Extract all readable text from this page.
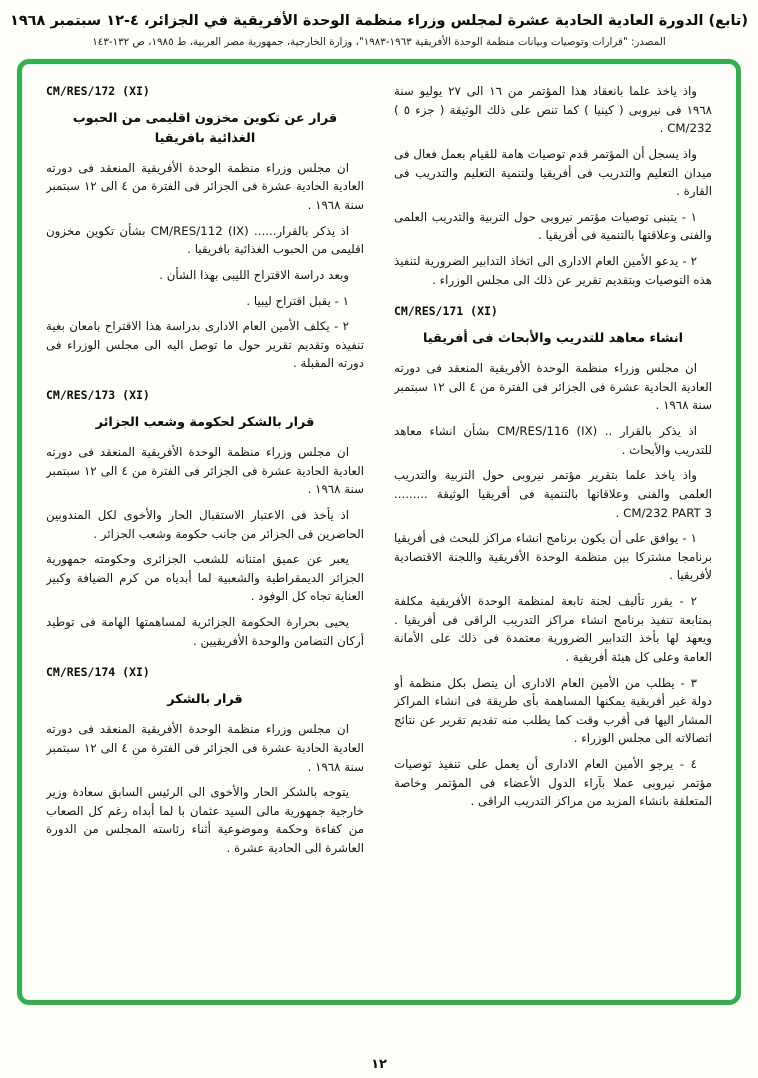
(تابع) الدورة العادية الحادية عشرة لمجلس وزراء منظمة الوحدة الأفريقية في الجزائر، ٤-١٢ سبتمبر ١٩٦٨
المصدر: "قرارات وتوصيات وبيانات منظمة الوحدة الأفريقية ١٩٦٣-١٩٨٣"، وزارة الخارجية، جمهورية مصر العربية، ط ١٩٨٥، ص ١٣٢-١٤٣
واذ ياخذ علما بانعقاد هذا المؤتمر من ١٦ الى ٢٧ يوليو سنة ١٩٦٨ فى نيروبى ( كينيا ) كما تنص على ذلك الوثيقة ( جزء ٥ ) CM/232 .
واذ يسجل أن المؤتمر قدم توصيات هامة للقيام بعمل فعال فى ميدان التعليم والتدريب فى أفريقيا ولتنمية التعليم والتدريب فى القارة .
١ - يتبنى توصيات مؤتمر نيروبى حول التربية والتدريب العلمى والفنى وعلاقتها بالتنمية فى أفريقيا .
٢ - يدعو الأمين العام الادارى الى اتخاذ التدابير الضرورية لتنفيذ هذه التوصيات وبتقديم تقرير عن ذلك الى مجلس الوزراء .
CM/RES/171 (XI)
انشاء معاهد للتدريب والأبحاث فى أفريقيا
ان مجلس وزراء منظمة الوحدة الأفريقية المنعقد فى دورته العادية الحادية عشرة فى الجزائر فى الفترة من ٤ الى ١٢ سبتمبر سنة ١٩٦٨ .
اذ يذكر بالقرار .. CM/RES/116 (IX) بشأن انشاء معاهد للتدريب والأبحاث .
واذ ياخذ علما بتقرير مؤتمر نيروبى حول التربية والتدريب العلمى والفنى وعلاقاتها بالتنمية فى أفريقيا الوثيقة ......... CM/232 PART 3 .
١ - يوافق على أن يكون برنامج انشاء مراكز للبحث فى أفريقيا برنامجا مشتركا بين منظمة الوحدة الأفريقية واللجنة الاقتصادية لأفريقيا .
٢ - يقرر تأليف لجنة تابعة لمنظمة الوحدة الأفريقية مكلفة بمتابعة تنفيذ برنامج انشاء مراكز التدريب الراقى فى أفريقيا . ويعهد لها بأخذ التدابير الضرورية معتمدة فى ذلك على الأمانة العامة وعلى كل هيئة أفريقية .
٣ - يطلب من الأمين العام الادارى أن يتصل بكل منظمة أو دولة غير أفريقية يمكنها المساهمة بأى طريقة فى انشاء المراكز المشار اليها فى أقرب وقت كما يطلب منه تقديم تقرير عن نتائج اتصالاته الى مجلس الوزراء .
٤ - يرجو الأمين العام الادارى أن يعمل على تنفيذ توصيات مؤتمر نيروبى عملا بآراء الدول الأعضاء فى المؤتمر وخاصة المتعلقة بانشاء المزيد من مراكز التدريب الراقى .
CM/RES/172 (XI)
قرار عن تكوين مخزون اقليمى من الحبوب الغذائية بافريقيا
ان مجلس وزراء منظمة الوحدة الأفريقية المنعقد فى دورته العادية الحادية عشرة فى الجزائر فى الفترة من ٤ الى ١٢ سبتمبر سنة ١٩٦٨ .
اذ يذكر بالقرار...... CM/RES/112 (IX) بشأن تكوين مخزون اقليمى من الحبوب الغذائية بافريقيا .
وبعد دراسة الاقتراح الليبى بهذا الشأن .
١ - يقبل اقتراح ليبيا .
٢ - يكلف الأمين العام الادارى بدراسة هذا الاقتراح بامعان بغية تنفيذه وتقديم تقرير حول ما توصل اليه الى مجلس الوزراء فى دورته المقبلة .
CM/RES/173 (XI)
قرار بالشكر لحكومة وشعب الجزائر
ان مجلس وزراء منظمة الوحدة الأفريقية المنعقد فى دورته العادية الحادية عشرة فى الجزائر فى الفترة من ٤ الى ١٢ سبتمبر سنة ١٩٦٨ .
اذ يأخذ فى الاعتبار الاستقبال الحار والأخوى لكل المندوبين الحاضرين فى الجزائر من جانب حكومة وشعب الجزائر .
يعبر عن عميق امتنانه للشعب الجزائرى وحكومته جمهورية الجزائر الديمقراطية والشعبية لما أبدياه من كرم الضيافة وكبير العناية تجاه كل الوفود .
يحيى بحرارة الحكومة الجزائرية لمساهمتها الهامة فى توطيد أركان التضامن والوحدة الأفريقيين .
CM/RES/174 (XI)
قرار بالشكر
ان مجلس وزراء منظمة الوحدة الأفريقية المنعقد فى دورته العادية الحادية عشرة فى الجزائر فى الفترة من ٤ الى ١٢ سبتمبر سنة ١٩٦٨ .
يتوجه بالشكر الحار والأخوى الى الرئيس السابق سعادة وزير خارجية جمهورية مالى السيد عثمان با لما أبداه رغم كل الصعاب من كفاءة وحكمة وموضوعية أثناء رئاسته المجلس من الدورة العاشرة الى الحادية عشرة .
١٢
